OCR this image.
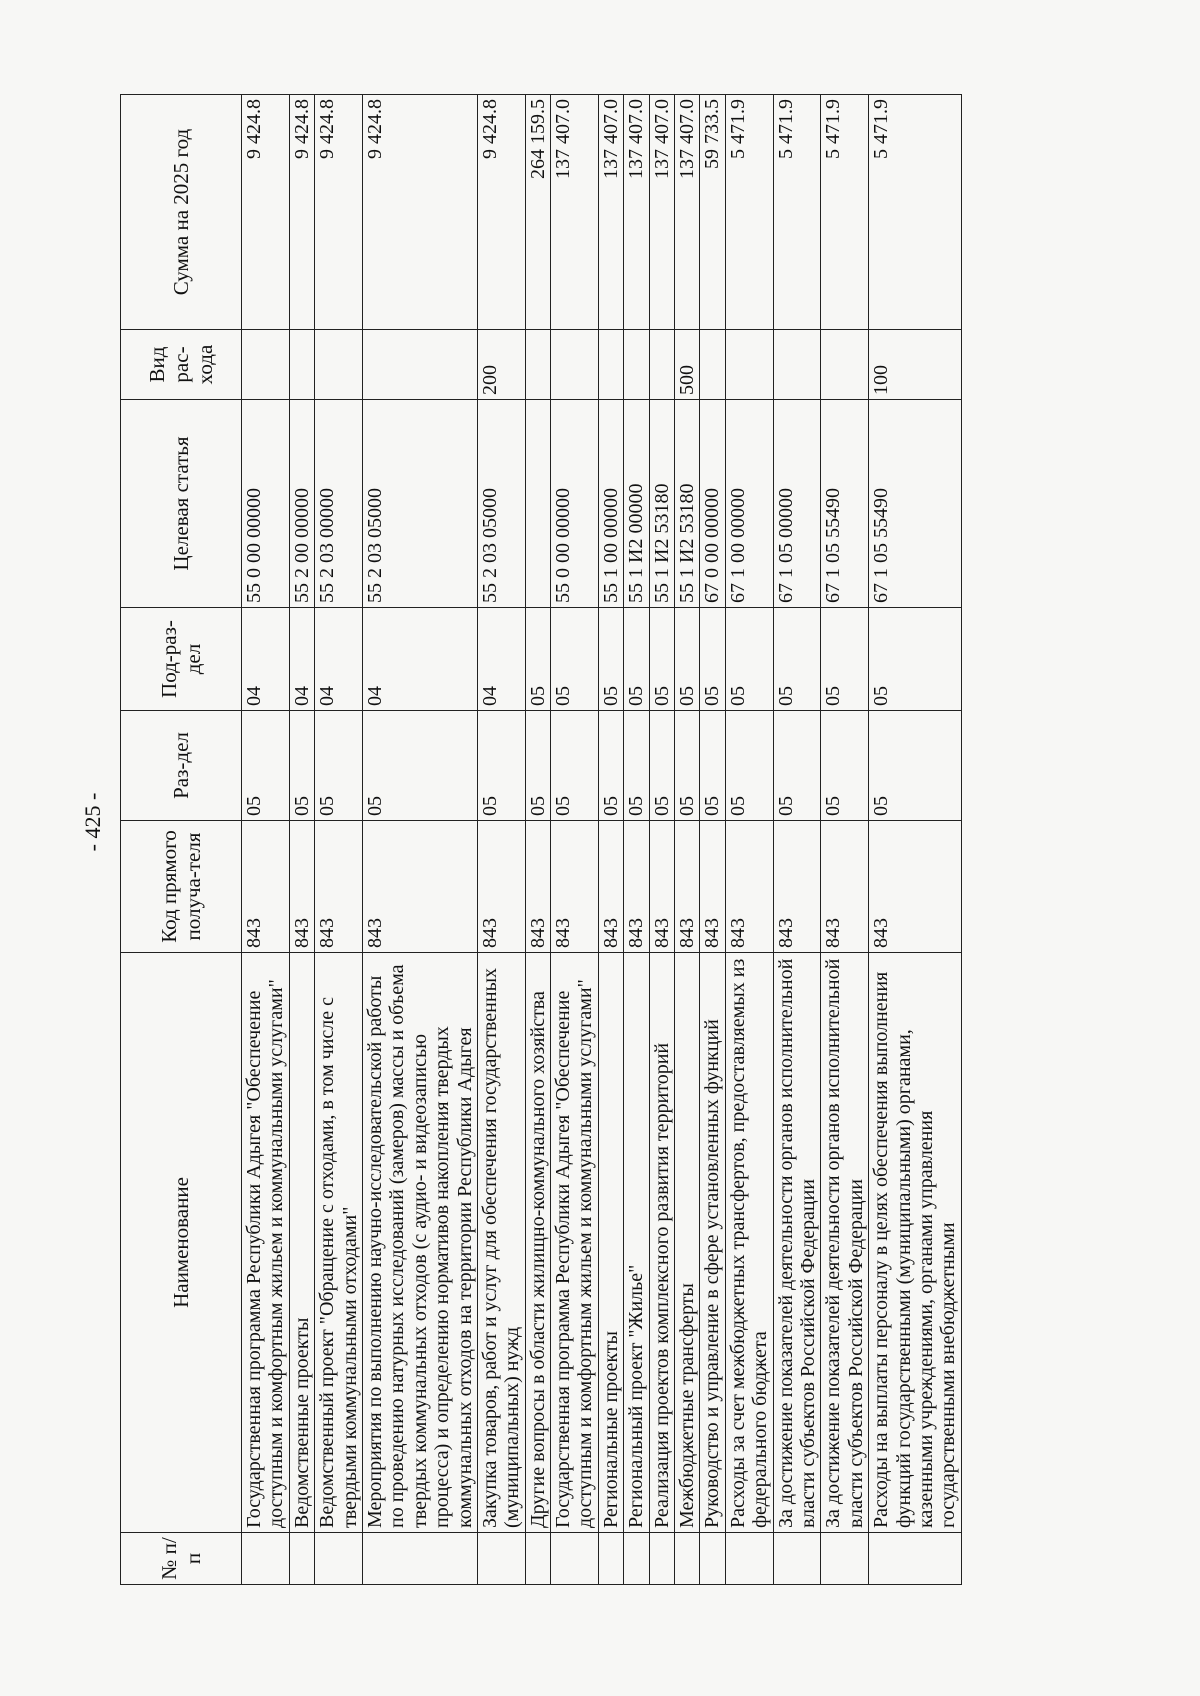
- 425 -
№ п/п	Наименование	Код прямого получа-теля	Раз-дел	Под-раз-дел	Целевая статья	Вид рас-хода	Сумма на 2025 год
	Государственная программа Республики Адыгея "Обеспечение доступным и комфортным жильем и коммунальными услугами"	843	05	04	55 0 00 00000		9 424.8
	Ведомственные проекты	843	05	04	55 2 00 00000		9 424.8
	Ведомственный проект "Обращение с отходами, в том числе с твердыми коммунальными отходами"	843	05	04	55 2 03 00000		9 424.8
	Мероприятия по выполнению научно-исследовательской работы по проведению натурных исследований (замеров) массы и объема твердых коммунальных отходов (с аудио- и видеозаписью процесса) и определению нормативов накопления твердых коммунальных отходов на территории Республики Адыгея	843	05	04	55 2 03 05000		9 424.8
	Закупка товаров, работ и услуг для обеспечения государственных (муниципальных) нужд	843	05	04	55 2 03 05000	200	9 424.8
	Другие вопросы в области жилищно-коммунального хозяйства	843	05	05			264 159.5
	Государственная программа Республики Адыгея "Обеспечение доступным и комфортным жильем и коммунальными услугами"	843	05	05	55 0 00 00000		137 407.0
	Региональные проекты	843	05	05	55 1 00 00000		137 407.0
	Региональный проект "Жилье"	843	05	05	55 1 И2 00000		137 407.0
	Реализация проектов комплексного развития территорий	843	05	05	55 1 И2 53180		137 407.0
	Межбюджетные трансферты	843	05	05	55 1 И2 53180	500	137 407.0
	Руководство и управление в сфере установленных функций	843	05	05	67 0 00 00000		59 733.5
	Расходы за счет межбюджетных трансфертов, предоставляемых из федерального бюджета	843	05	05	67 1 00 00000		5 471.9
	За достижение показателей деятельности органов исполнительной власти субъектов Российской Федерации	843	05	05	67 1 05 00000		5 471.9
	За достижение показателей деятельности органов исполнительной власти субъектов Российской Федерации	843	05	05	67 1 05 55490		5 471.9
	Расходы на выплаты персоналу в целях обеспечения выполнения функций государственными (муниципальными) органами, казенными учреждениями, органами управления государственными внебюджетными	843	05	05	67 1 05 55490	100	5 471.9
